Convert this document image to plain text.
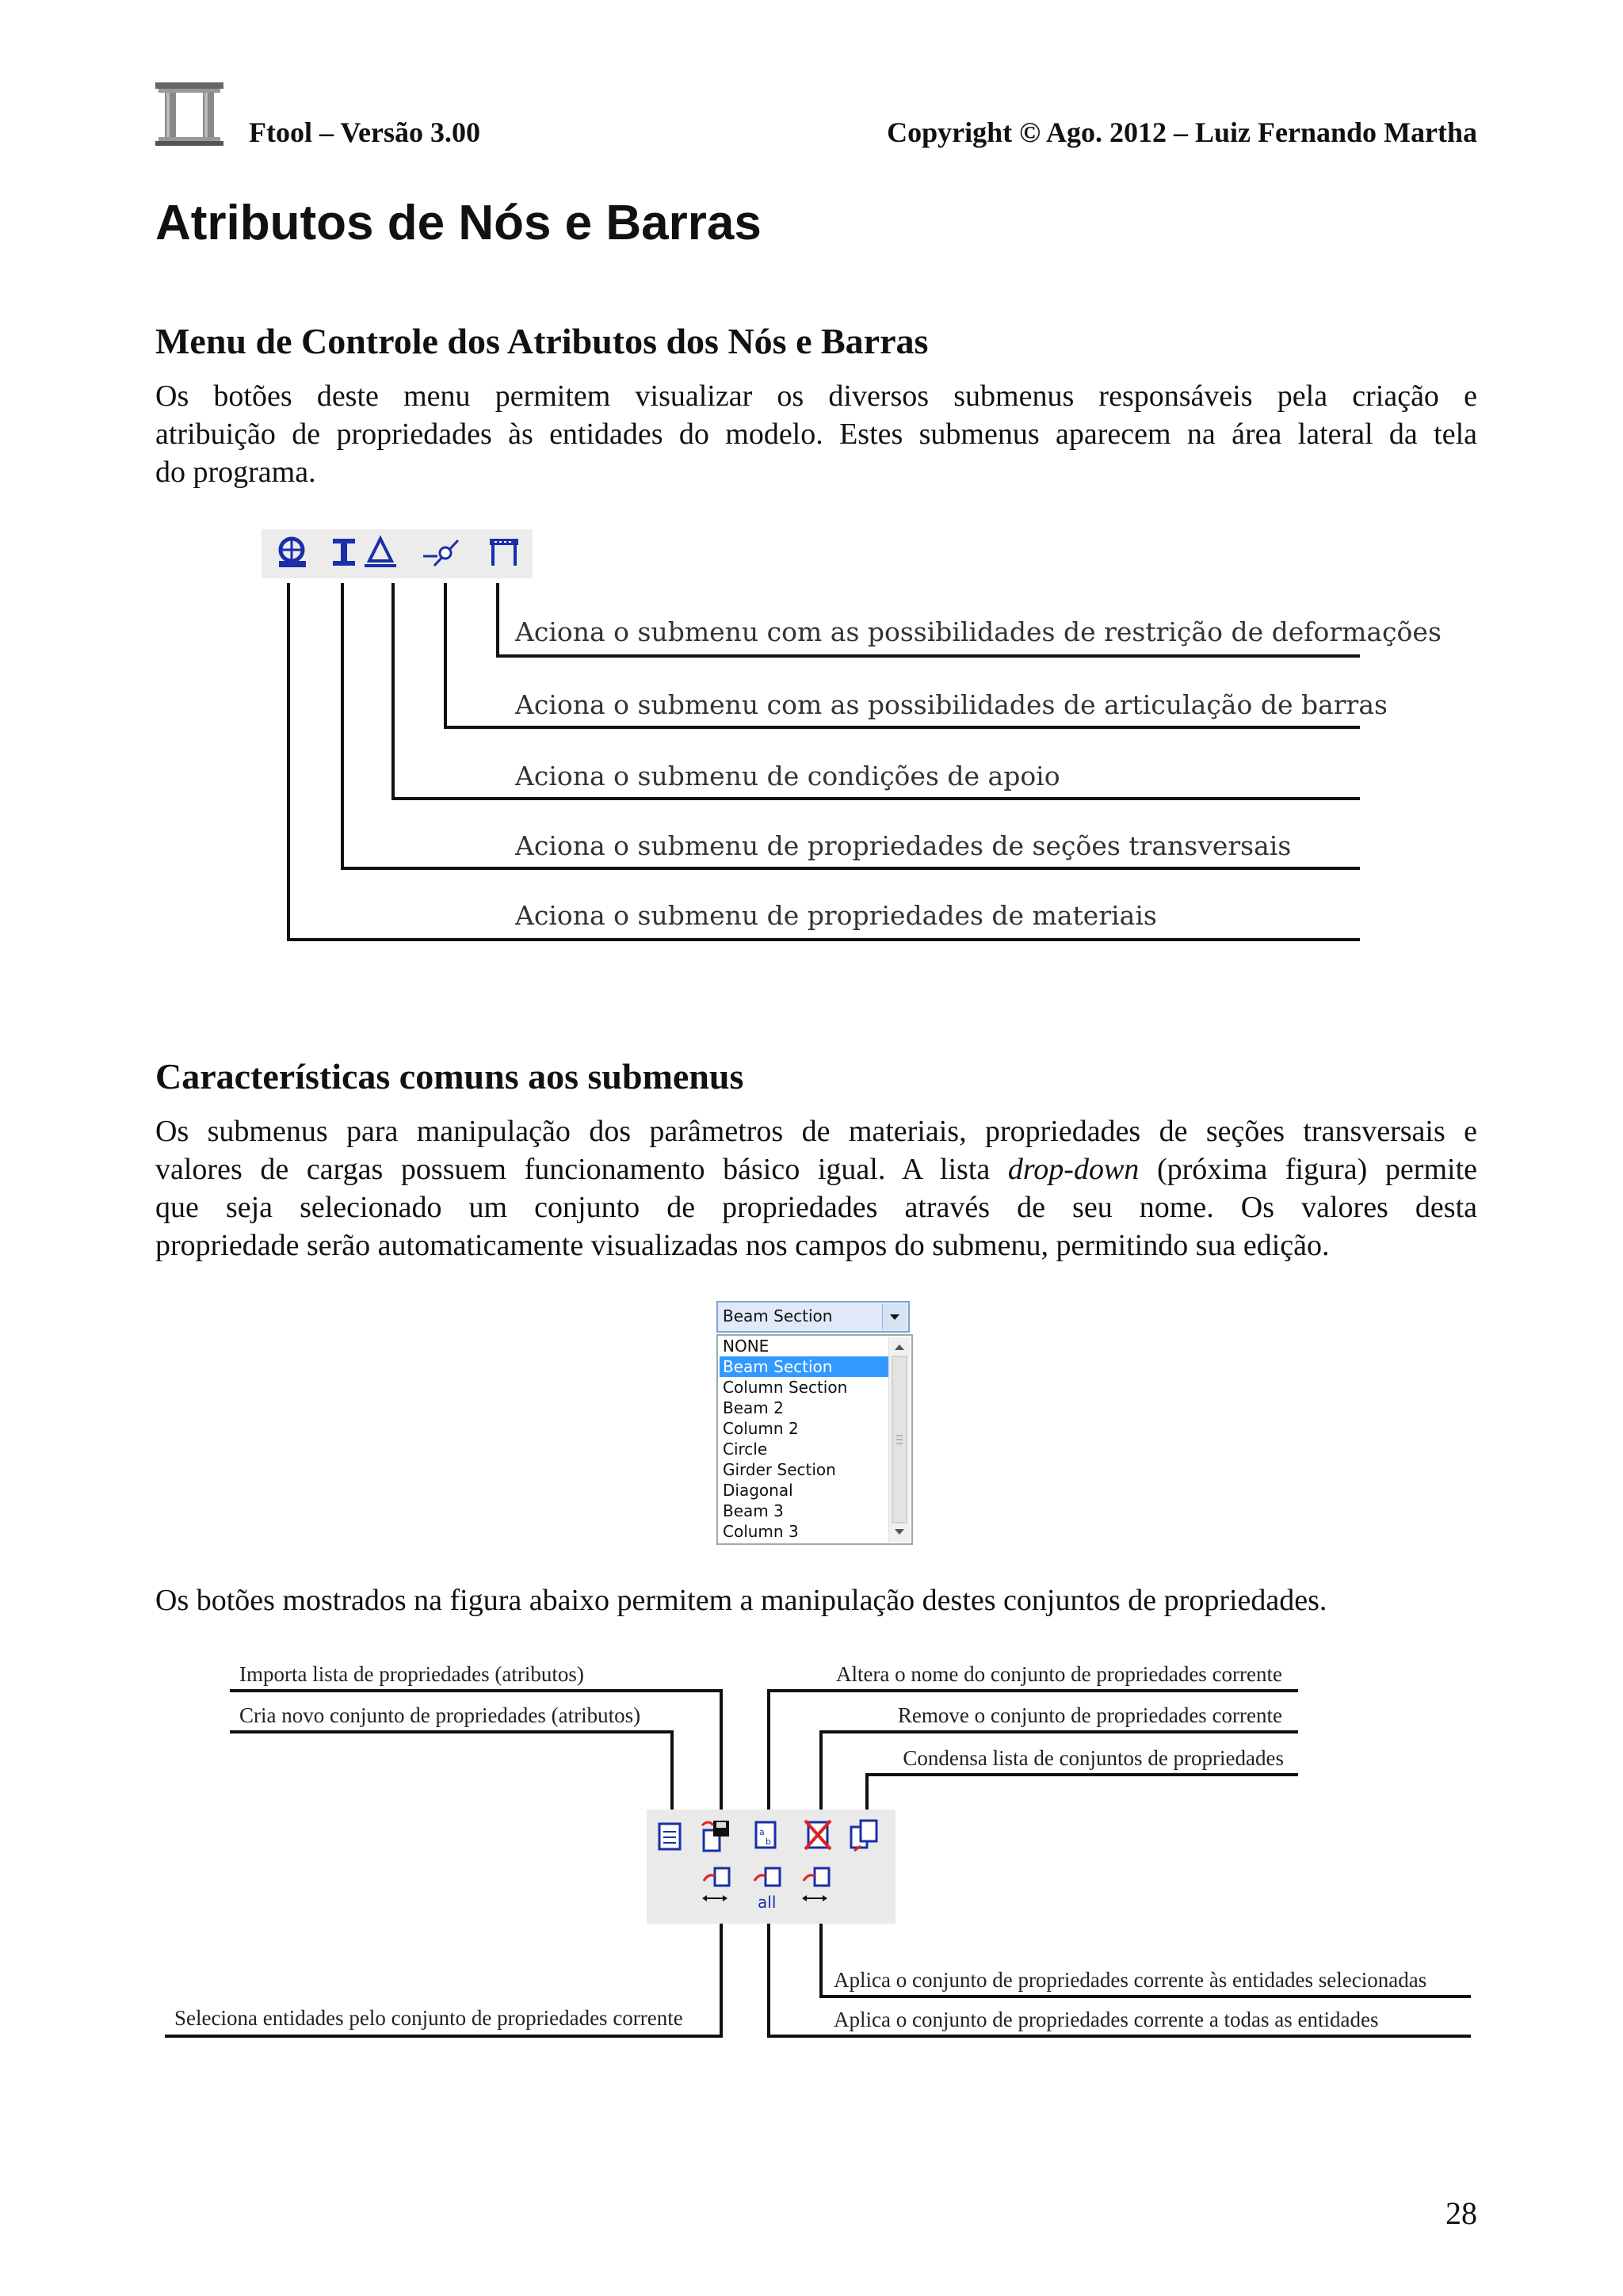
Ftool – Versão 3.00	Copyright © Ago. 2012 – Luiz Fernando Martha
Atributos de Nós e Barras
Menu de Controle dos Atributos dos Nós e Barras
Os botões deste menu permitem visualizar os diversos submenus responsáveis pela criação e
atribuição de propriedades às entidades do modelo. Estes submenus aparecem na área lateral da tela
do programa.
Aciona o submenu com as possibilidades de restrição de deformações
Aciona o submenu com as possibilidades de articulação de barras
Aciona o submenu de condições de apoio
Aciona o submenu de propriedades de seções transversais
Aciona o submenu de propriedades de materiais
Características comuns aos submenus
Os submenus para manipulação dos parâmetros de materiais, propriedades de seções transversais e
valores de cargas possuem funcionamento básico igual. A lista drop-down (próxima figura) permite
que seja selecionado um conjunto de propriedades através de seu nome. Os valores desta
propriedade serão automaticamente visualizadas nos campos do submenu, permitindo sua edição.
Beam Section
NONE
Beam Section
Column Section
Beam 2
Column 2
Circle
Girder Section
Diagonal
Beam 3
Column 3
Os botões mostrados na figura abaixo permitem a manipulação destes conjuntos de propriedades.
Importa lista de propriedades (atributos)
Cria novo conjunto de propriedades (atributos)
Altera o nome do conjunto de propriedades corrente
Remove o conjunto de propriedades corrente
Condensa lista de conjuntos de propriedades
Seleciona entidades pelo conjunto de propriedades corrente
Aplica o conjunto de propriedades corrente às entidades selecionadas
Aplica o conjunto de propriedades corrente a todas as entidades
a
b
all
28
